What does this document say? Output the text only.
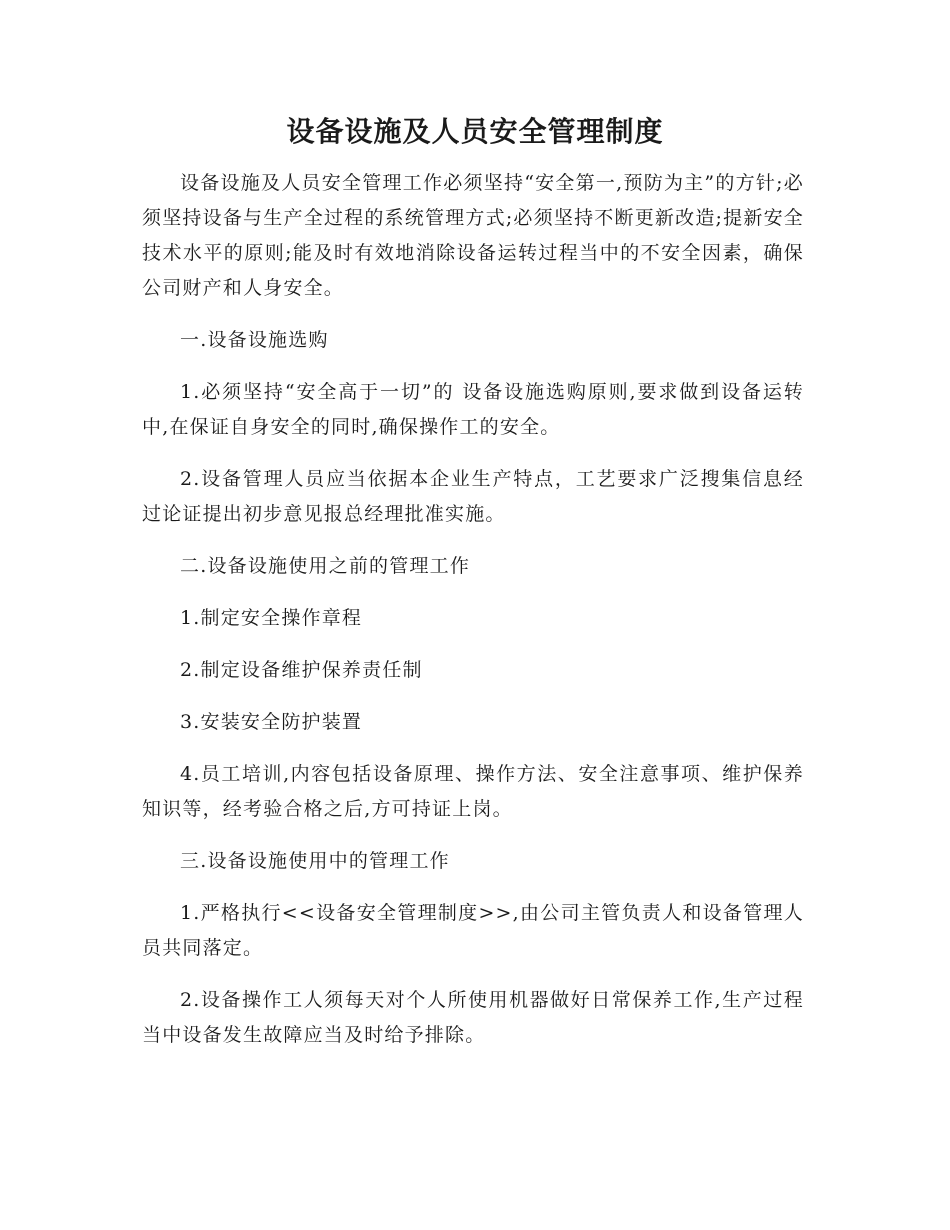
设备设施及人员安全管理制度

设备设施及人员安全管理工作必须坚持“安全第一,预防为主”的方针;必须坚持设备与生产全过程的系统管理方式;必须坚持不断更新改造;提新安全技术水平的原则;能及时有效地消除设备运转过程当中的不安全因素，确保公司财产和人身安全。

一.设备设施选购

1.必须坚持“安全高于一切”的 设备设施选购原则,要求做到设备运转中,在保证自身安全的同时,确保操作工的安全。

2.设备管理人员应当依据本企业生产特点，工艺要求广泛搜集信息经过论证提出初步意见报总经理批准实施。

二.设备设施使用之前的管理工作

1.制定安全操作章程

2.制定设备维护保养责任制

3.安装安全防护装置

4.员工培训,内容包括设备原理、操作方法、安全注意事项、维护保养知识等，经考验合格之后,方可持证上岗。

三.设备设施使用中的管理工作

1.严格执行<<设备安全管理制度>>,由公司主管负责人和设备管理人员共同落定。

2.设备操作工人须每天对个人所使用机器做好日常保养工作,生产过程当中设备发生故障应当及时给予排除。
